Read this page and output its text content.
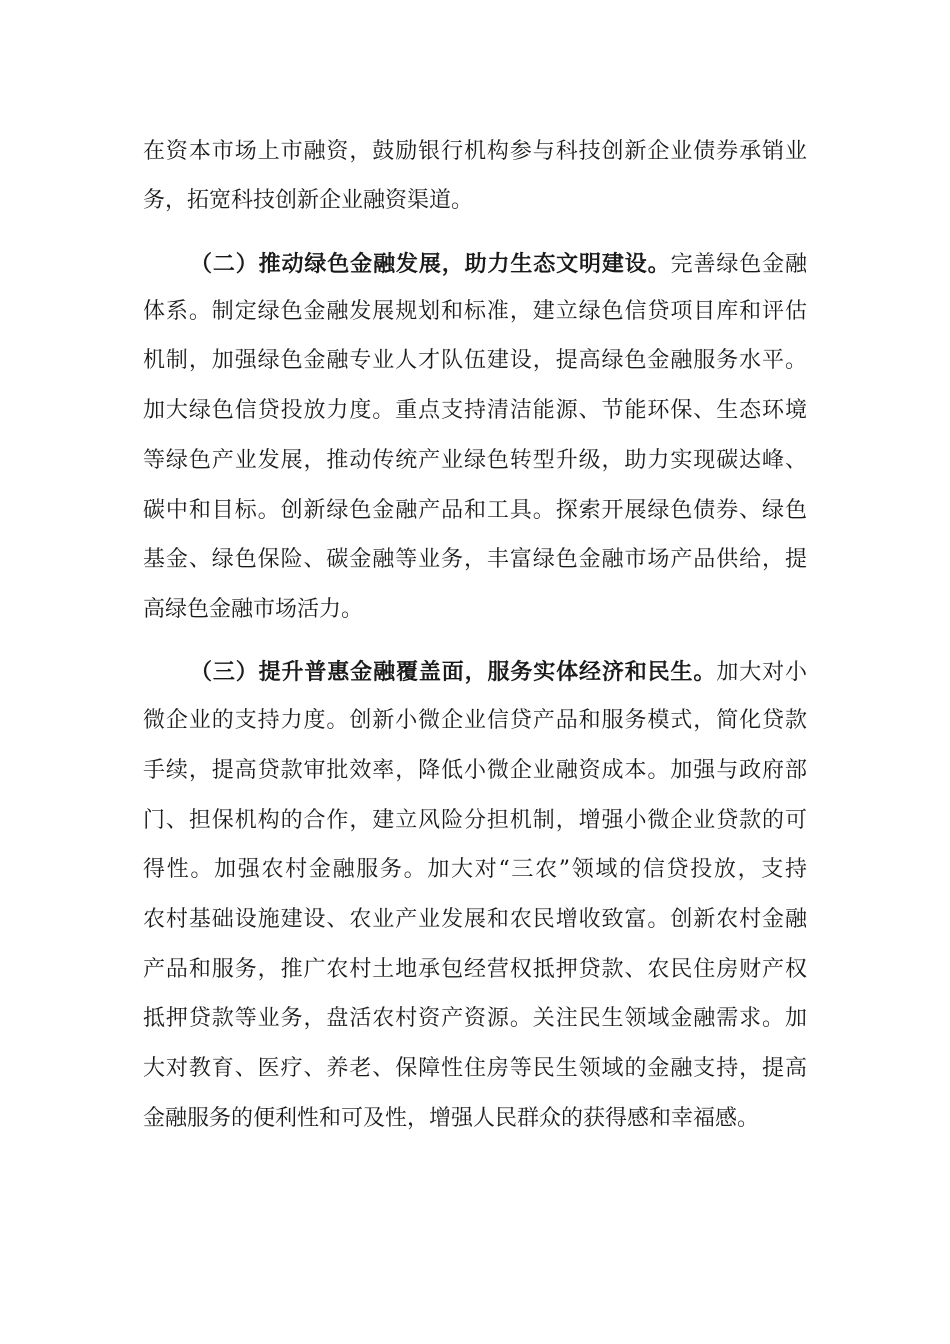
在资本市场上市融资，鼓励银行机构参与科技创新企业债券承销业
务，拓宽科技创新企业融资渠道。
（二）推动绿色金融发展，助力生态文明建设。完善绿色金融
体系。制定绿色金融发展规划和标准，建立绿色信贷项目库和评估
机制，加强绿色金融专业人才队伍建设，提高绿色金融服务水平。
加大绿色信贷投放力度。重点支持清洁能源、节能环保、生态环境
等绿色产业发展，推动传统产业绿色转型升级，助力实现碳达峰、
碳中和目标。创新绿色金融产品和工具。探索开展绿色债券、绿色
基金、绿色保险、碳金融等业务，丰富绿色金融市场产品供给，提
高绿色金融市场活力。
（三）提升普惠金融覆盖面，服务实体经济和民生。加大对小
微企业的支持力度。创新小微企业信贷产品和服务模式，简化贷款
手续，提高贷款审批效率，降低小微企业融资成本。加强与政府部
门、担保机构的合作，建立风险分担机制，增强小微企业贷款的可
得性。加强农村金融服务。加大对“三农”领域的信贷投放，支持
农村基础设施建设、农业产业发展和农民增收致富。创新农村金融
产品和服务，推广农村土地承包经营权抵押贷款、农民住房财产权
抵押贷款等业务，盘活农村资产资源。关注民生领域金融需求。加
大对教育、医疗、养老、保障性住房等民生领域的金融支持，提高
金融服务的便利性和可及性，增强人民群众的获得感和幸福感。
